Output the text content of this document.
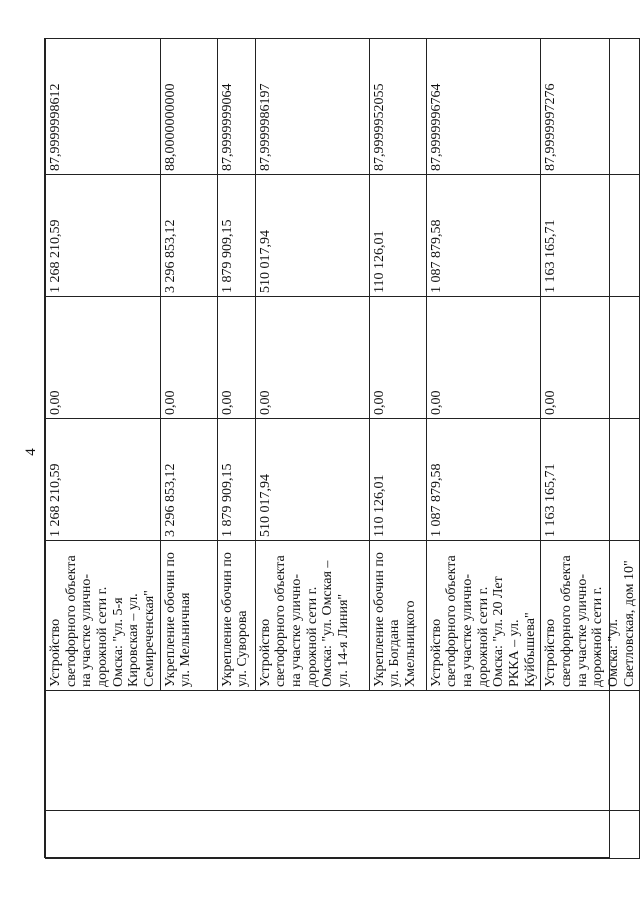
4
		Устройство светофорного объекта на участке улично-дорожной сети г. Омска: "ул. 5-я Кировская – ул. Семиреченская"	1 268 210,59	0,00	1 268 210,59	87,9999998612
		Укрепление обочин по ул. Мельничная	3 296 853,12	0,00	3 296 853,12	88,0000000000
		Укрепление обочин по ул. Суворова	1 879 909,15	0,00	1 879 909,15	87,9999999064
		Устройство светофорного объекта на участке улично-дорожной сети г. Омска: "ул. Омская – ул. 14-я Линия"	510 017,94	0,00	510 017,94	87,9999986197
		Укрепление обочин по ул. Богдана Хмельницкого	110 126,01	0,00	110 126,01	87,9999952055
		Устройство светофорного объекта на участке улично-дорожной сети г. Омска: "ул. 20 Лет РККА – ул. Куйбышева"	1 087 879,58	0,00	1 087 879,58	87,9999996764
		Устройство светофорного объекта на участке улично-дорожной сети г. Омска: "ул. Светловская, дом 10"	1 163 165,71	0,00	1 163 165,71	87,9999997276
